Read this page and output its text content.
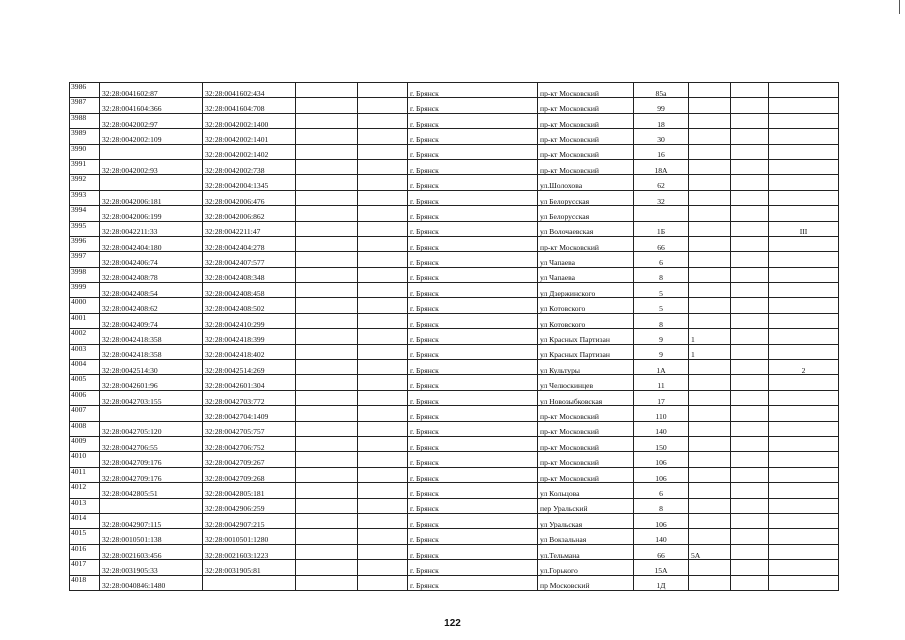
3986	32:28:0041602:87	32:28:0041602:434			г. Брянск	пр-кт Московский	85а			
3987	32:28:0041604:366	32:28:0041604:708			г. Брянск	пр-кт Московский	99			
3988	32:28:0042002:97	32:28:0042002:1400			г. Брянск	пр-кт Московский	18			
3989	32:28:0042002:109	32:28:0042002:1401			г. Брянск	пр-кт Московский	30			
3990		32:28:0042002:1402			г. Брянск	пр-кт Московский	16			
3991	32:28:0042002:93	32:28:0042002:738			г. Брянск	пр-кт Московский	18А			
3992		32:28:0042004:1345			г. Брянск	ул.Шолохова	62			
3993	32:28:0042006:181	32:28:0042006:476			г. Брянск	ул Белорусская	32			
3994	32:28:0042006:199	32:28:0042006:862			г. Брянск	ул Белорусская				
3995	32:28:0042211:33	32:28:0042211:47			г. Брянск	ул Волочаевская	1Б			III
3996	32:28:0042404:180	32:28:0042404:278			г. Брянск	пр-кт Московский	66			
3997	32:28:0042406:74	32:28:0042407:577			г. Брянск	ул Чапаева	6			
3998	32:28:0042408:78	32:28:0042408:348			г. Брянск	ул Чапаева	8			
3999	32:28:0042408:54	32:28:0042408:458			г. Брянск	ул Дзержинского	5			
4000	32:28:0042408:62	32:28:0042408:502			г. Брянск	ул Котовского	5			
4001	32:28:0042409:74	32:28:0042410:299			г. Брянск	ул Котовского	8			
4002	32:28:0042418:358	32:28:0042418:399			г. Брянск	ул Красных Партизан	9	1		
4003	32:28:0042418:358	32:28:0042418:402			г. Брянск	ул Красных Партизан	9	1		
4004	32:28:0042514:30	32:28:0042514:269			г. Брянск	ул Культуры	1А			2
4005	32:28:0042601:96	32:28:0042601:304			г. Брянск	ул Челюскинцев	11			
4006	32:28:0042703:155	32:28:0042703:772			г. Брянск	ул Новозыбковская	17			
4007		32:28:0042704:1409			г. Брянск	пр-кт Московский	110			
4008	32:28:0042705:120	32:28:0042705:757			г. Брянск	пр-кт Московский	140			
4009	32:28:0042706:55	32:28:0042706:752			г. Брянск	пр-кт Московский	150			
4010	32:28:0042709:176	32:28:0042709:267			г. Брянск	пр-кт Московский	106			
4011	32:28:0042709:176	32:28:0042709:268			г. Брянск	пр-кт Московский	106			
4012	32:28:0042805:51	32:28:0042805:181			г. Брянск	ул Кольцова	6			
4013		32:28:0042906:259			г. Брянск	пер Уральский	8			
4014	32:28:0042907:115	32:28:0042907:215			г. Брянск	ул Уральская	106			
4015	32:28:0010501:138	32:28:0010501:1280			г. Брянск	ул Вокзальная	140			
4016	32:28:0021603:456	32:28:0021603:1223			г. Брянск	ул.Тельмана	66	5А		
4017	32:28:0031905:33	32:28:0031905:81			г. Брянск	ул.Горького	15А			
4018	32:28:0040846:1480				г. Брянск	пр Московский	1Д			
122
